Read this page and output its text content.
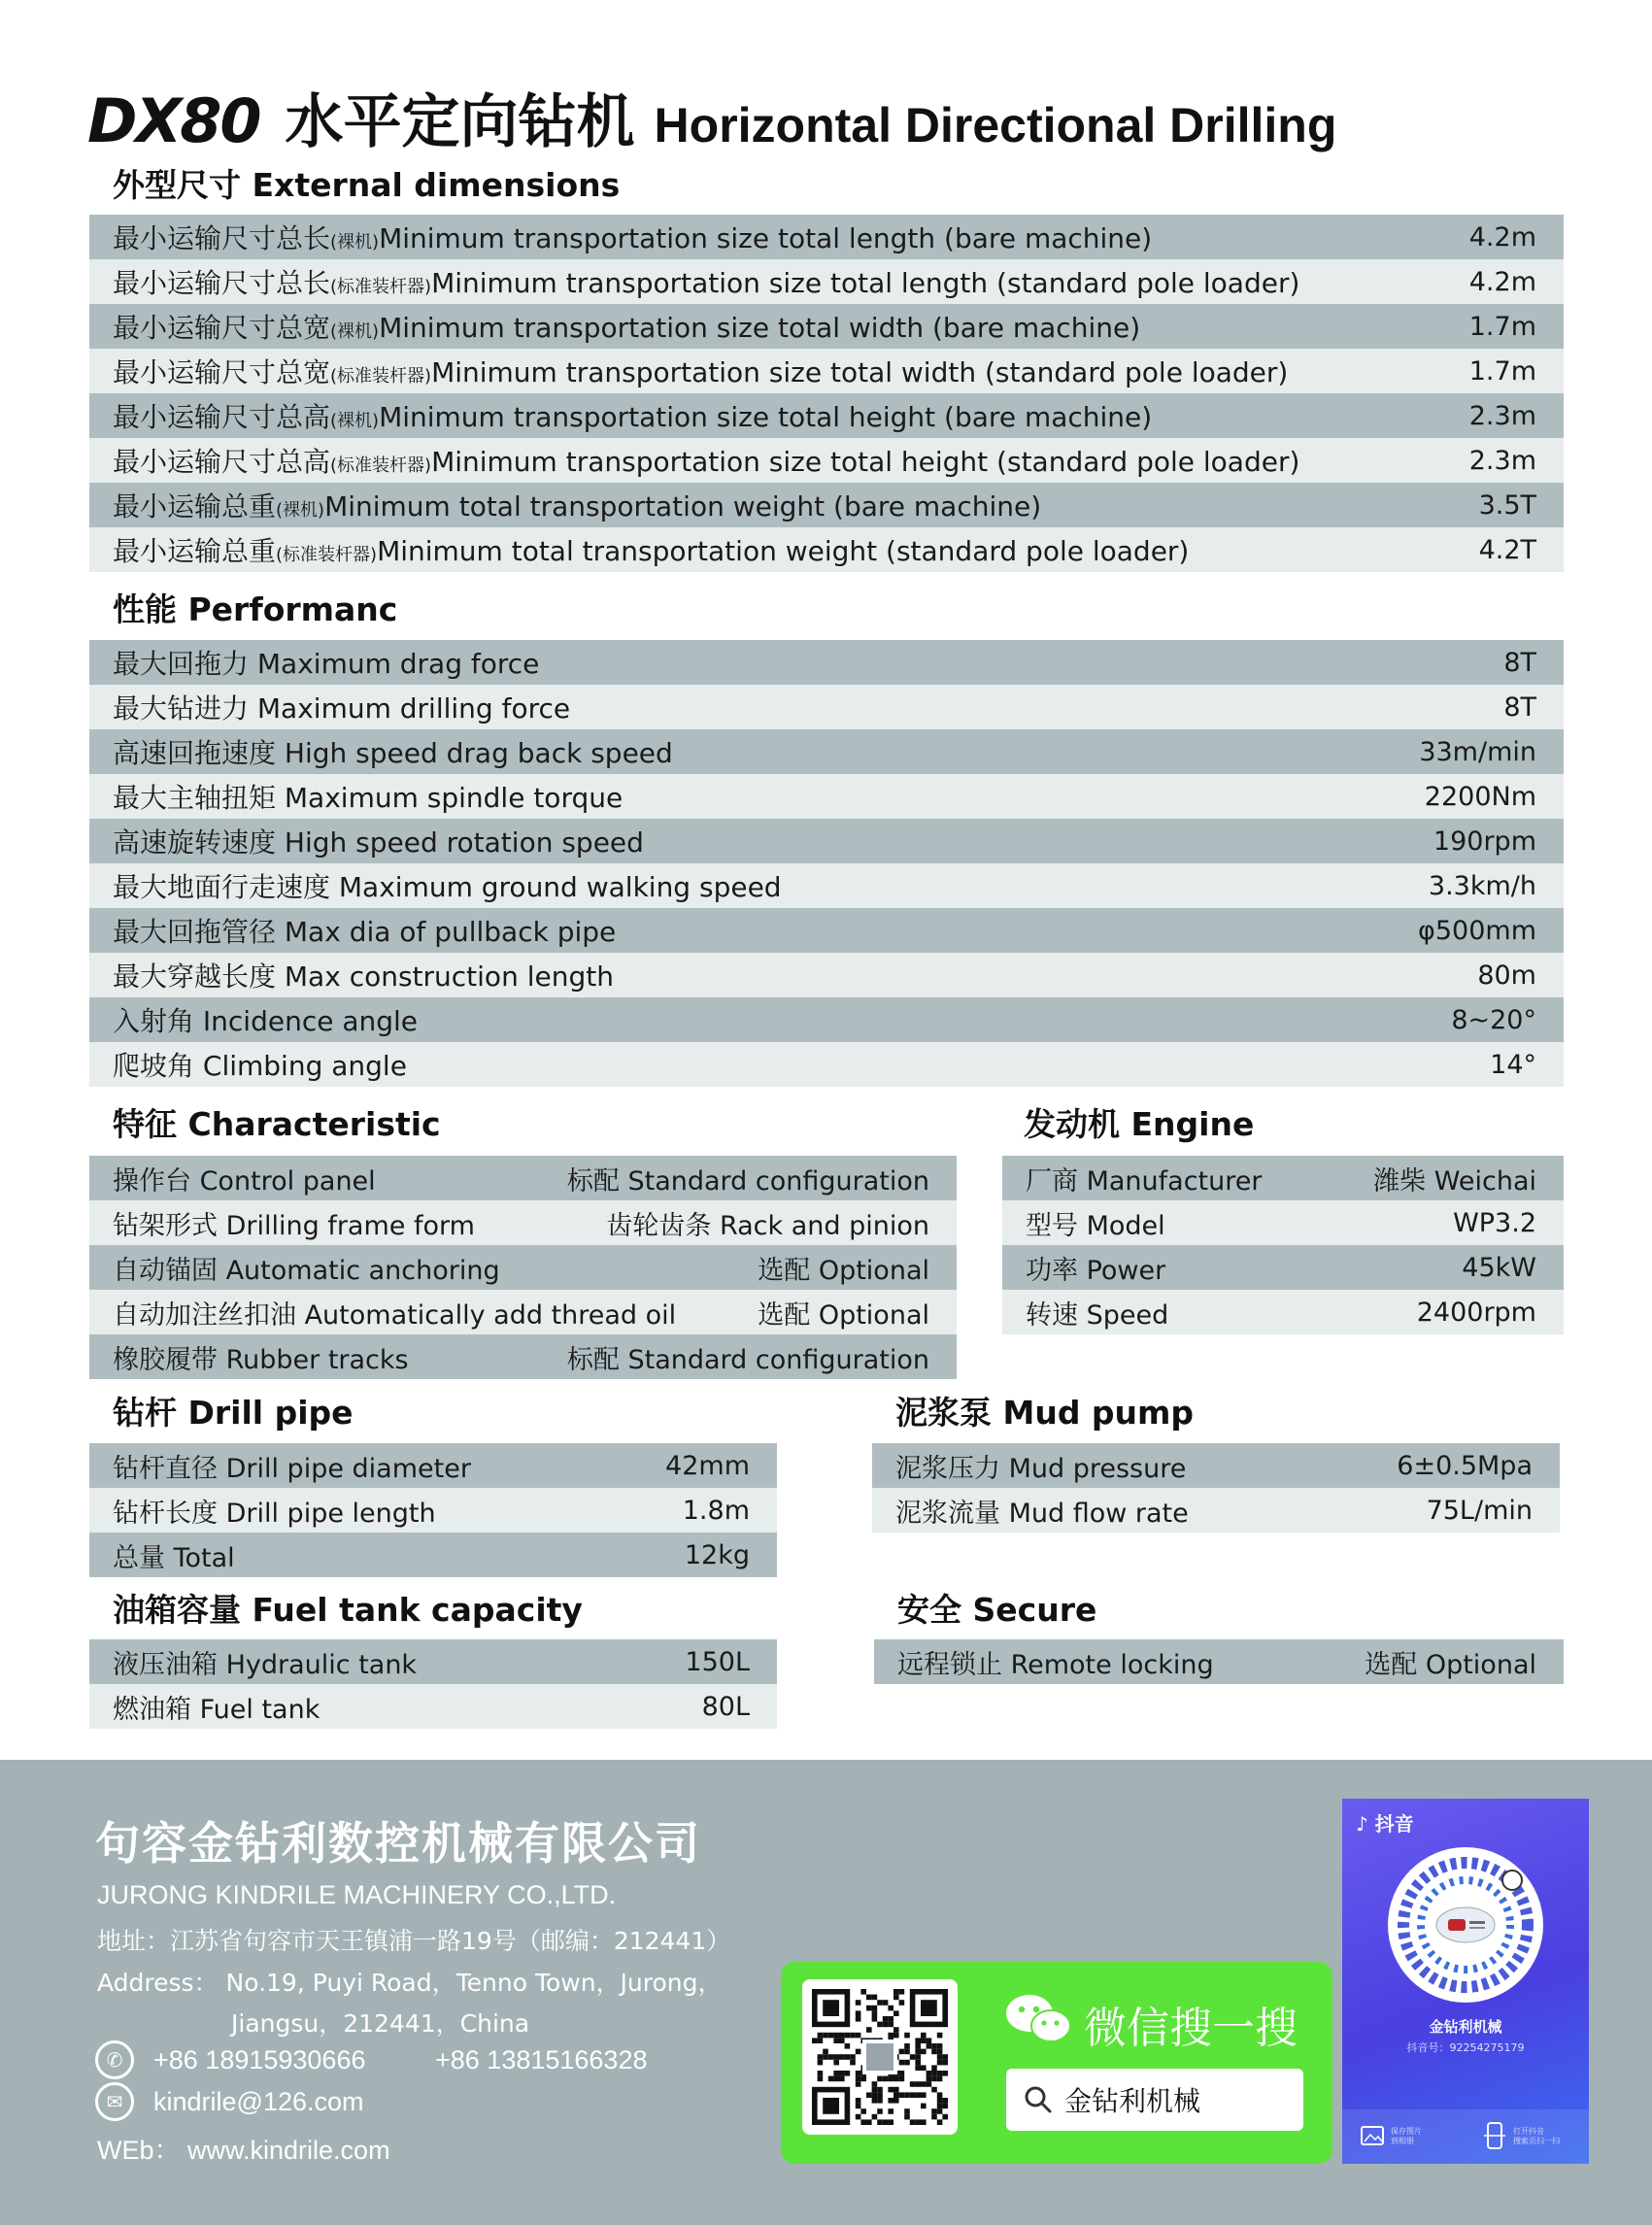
DX80 水平定向钻机 Horizontal Directional Drilling
外型尺寸 External dimensions
最小运输尺寸总长(裸机)Minimum transportation size total length (bare machine)	4.2m
最小运输尺寸总长(标准装杆器)Minimum transportation size total length (standard pole loader)	4.2m
最小运输尺寸总宽(裸机)Minimum transportation size total width (bare machine)	1.7m
最小运输尺寸总宽(标准装杆器)Minimum transportation size total width (standard pole loader)	1.7m
最小运输尺寸总高(裸机)Minimum transportation size total height (bare machine)	2.3m
最小运输尺寸总高(标准装杆器)Minimum transportation size total height (standard pole loader)	2.3m
最小运输总重(裸机)Minimum total transportation weight (bare machine)	3.5T
最小运输总重(标准装杆器)Minimum total transportation weight (standard pole loader)	4.2T
性能 Performanc
最大回拖力 Maximum drag force	8T
最大钻进力 Maximum drilling force	8T
高速回拖速度 High speed drag back speed	33m/min
最大主轴扭矩 Maximum spindle torque	2200Nm
高速旋转速度 High speed rotation speed	190rpm
最大地面行走速度 Maximum ground walking speed	3.3km/h
最大回拖管径 Max dia of pullback pipe	φ500mm
最大穿越长度 Max construction length	80m
入射角 Incidence angle	8~20°
爬坡角 Climbing angle	14°
特征 Characteristic
操作台 Control panel	标配 Standard configuration
钻架形式 Drilling frame form	齿轮齿条 Rack and pinion
自动锚固 Automatic anchoring	选配 Optional
自动加注丝扣油 Automatically add thread oil	选配 Optional
橡胶履带 Rubber tracks	标配 Standard configuration
发动机 Engine
厂商 Manufacturer	潍柴 Weichai
型号 Model	WP3.2
功率 Power	45kW
转速 Speed	2400rpm
钻杆 Drill pipe
钻杆直径 Drill pipe diameter	42mm
钻杆长度 Drill pipe length	1.8m
总量 Total	12kg
泥浆泵 Mud pump
泥浆压力 Mud pressure	6±0.5Mpa
泥浆流量 Mud flow rate	75L/min
油箱容量 Fuel tank capacity
液压油箱 Hydraulic tank	150L
燃油箱 Fuel tank	80L
安全 Secure
远程锁止 Remote locking	选配 Optional
句容金钻利数控机械有限公司
JURONG KINDRILE MACHINERY CO.,LTD.
地址：江苏省句容市天王镇浦一路19号（邮编：212441）
Address： No.19, Puyi Road，Tenno Town，Jurong，
Jiangsu，212441，China
✆	+86 18915930666	+86 13815166328
✉	kindrile@126.com
WEb： www.kindrile.com
微信搜一搜
金钻利机械
♪ 抖音
金钻利机械
抖音号：92254275179
保存图片
到相册
打开抖音
搜索页扫一扫
